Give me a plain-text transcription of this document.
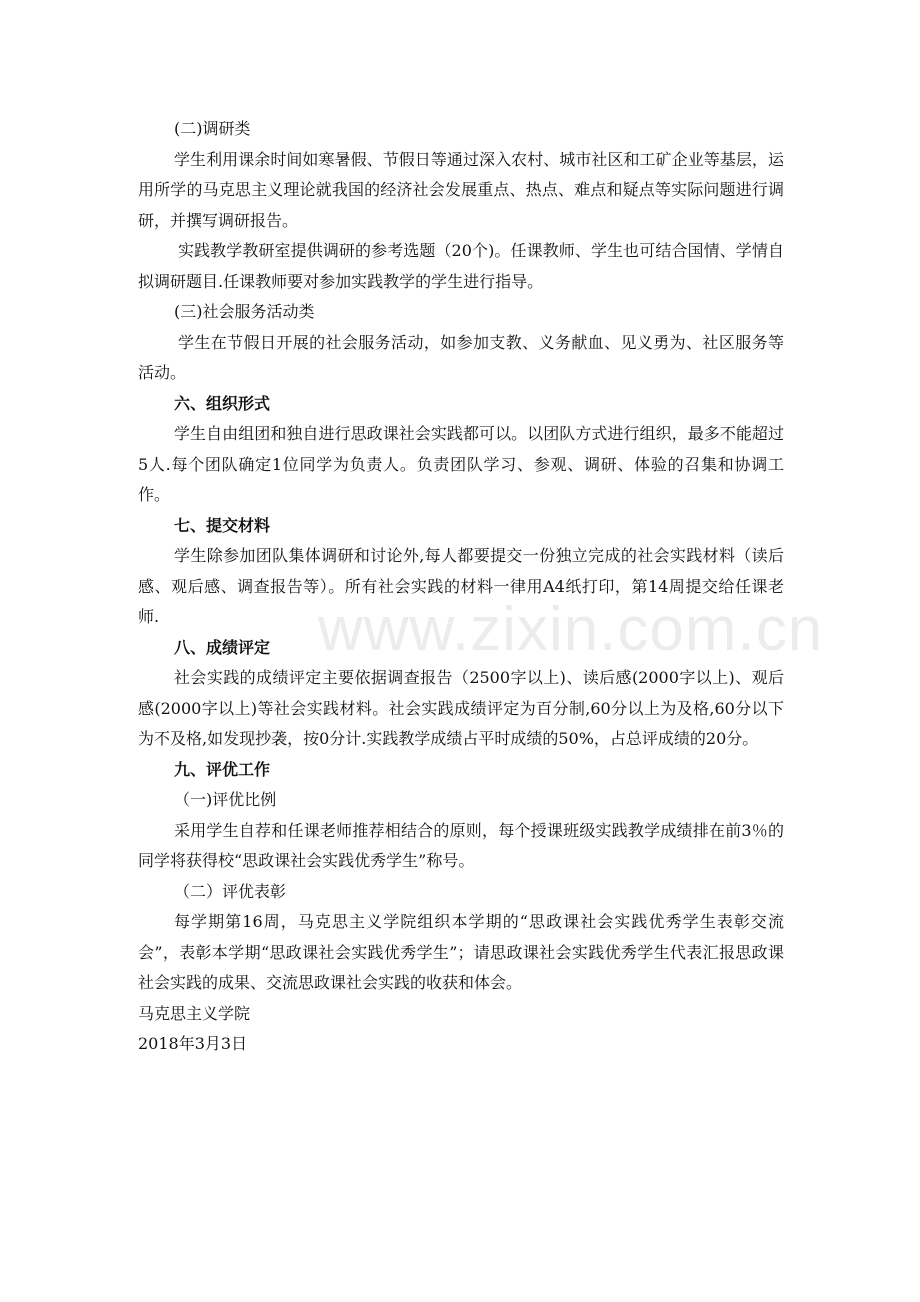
(二)调研类

学生利用课余时间如寒暑假、节假日等通过深入农村、城市社区和工矿企业等基层，运用所学的马克思主义理论就我国的经济社会发展重点、热点、难点和疑点等实际问题进行调研，并撰写调研报告。

实践教学教研室提供调研的参考选题（20个)。任课教师、学生也可结合国情、学情自拟调研题目.任课教师要对参加实践教学的学生进行指导。

(三)社会服务活动类

学生在节假日开展的社会服务活动，如参加支教、义务献血、见义勇为、社区服务等活动。

六、组织形式

学生自由组团和独自进行思政课社会实践都可以。以团队方式进行组织，最多不能超过5人.每个团队确定1位同学为负责人。负责团队学习、参观、调研、体验的召集和协调工作。

七、提交材料

学生除参加团队集体调研和讨论外,每人都要提交一份独立完成的社会实践材料（读后感、观后感、调查报告等）。所有社会实践的材料一律用A4纸打印，第14周提交给任课老师.

八、成绩评定

社会实践的成绩评定主要依据调查报告（2500字以上)、读后感(2000字以上)、观后感(2000字以上)等社会实践材料。社会实践成绩评定为百分制,60分以上为及格,60分以下为不及格,如发现抄袭，按0分计.实践教学成绩占平时成绩的50%，占总评成绩的20分。

九、评优工作

（一)评优比例

采用学生自荐和任课老师推荐相结合的原则，每个授课班级实践教学成绩排在前3％的同学将获得校“思政课社会实践优秀学生”称号。

（二）评优表彰

每学期第16周，马克思主义学院组织本学期的“思政课社会实践优秀学生表彰交流会”，表彰本学期“思政课社会实践优秀学生”；请思政课社会实践优秀学生代表汇报思政课社会实践的成果、交流思政课社会实践的收获和体会。

马克思主义学院

2018年3月3日

www.zixin.com.cn
